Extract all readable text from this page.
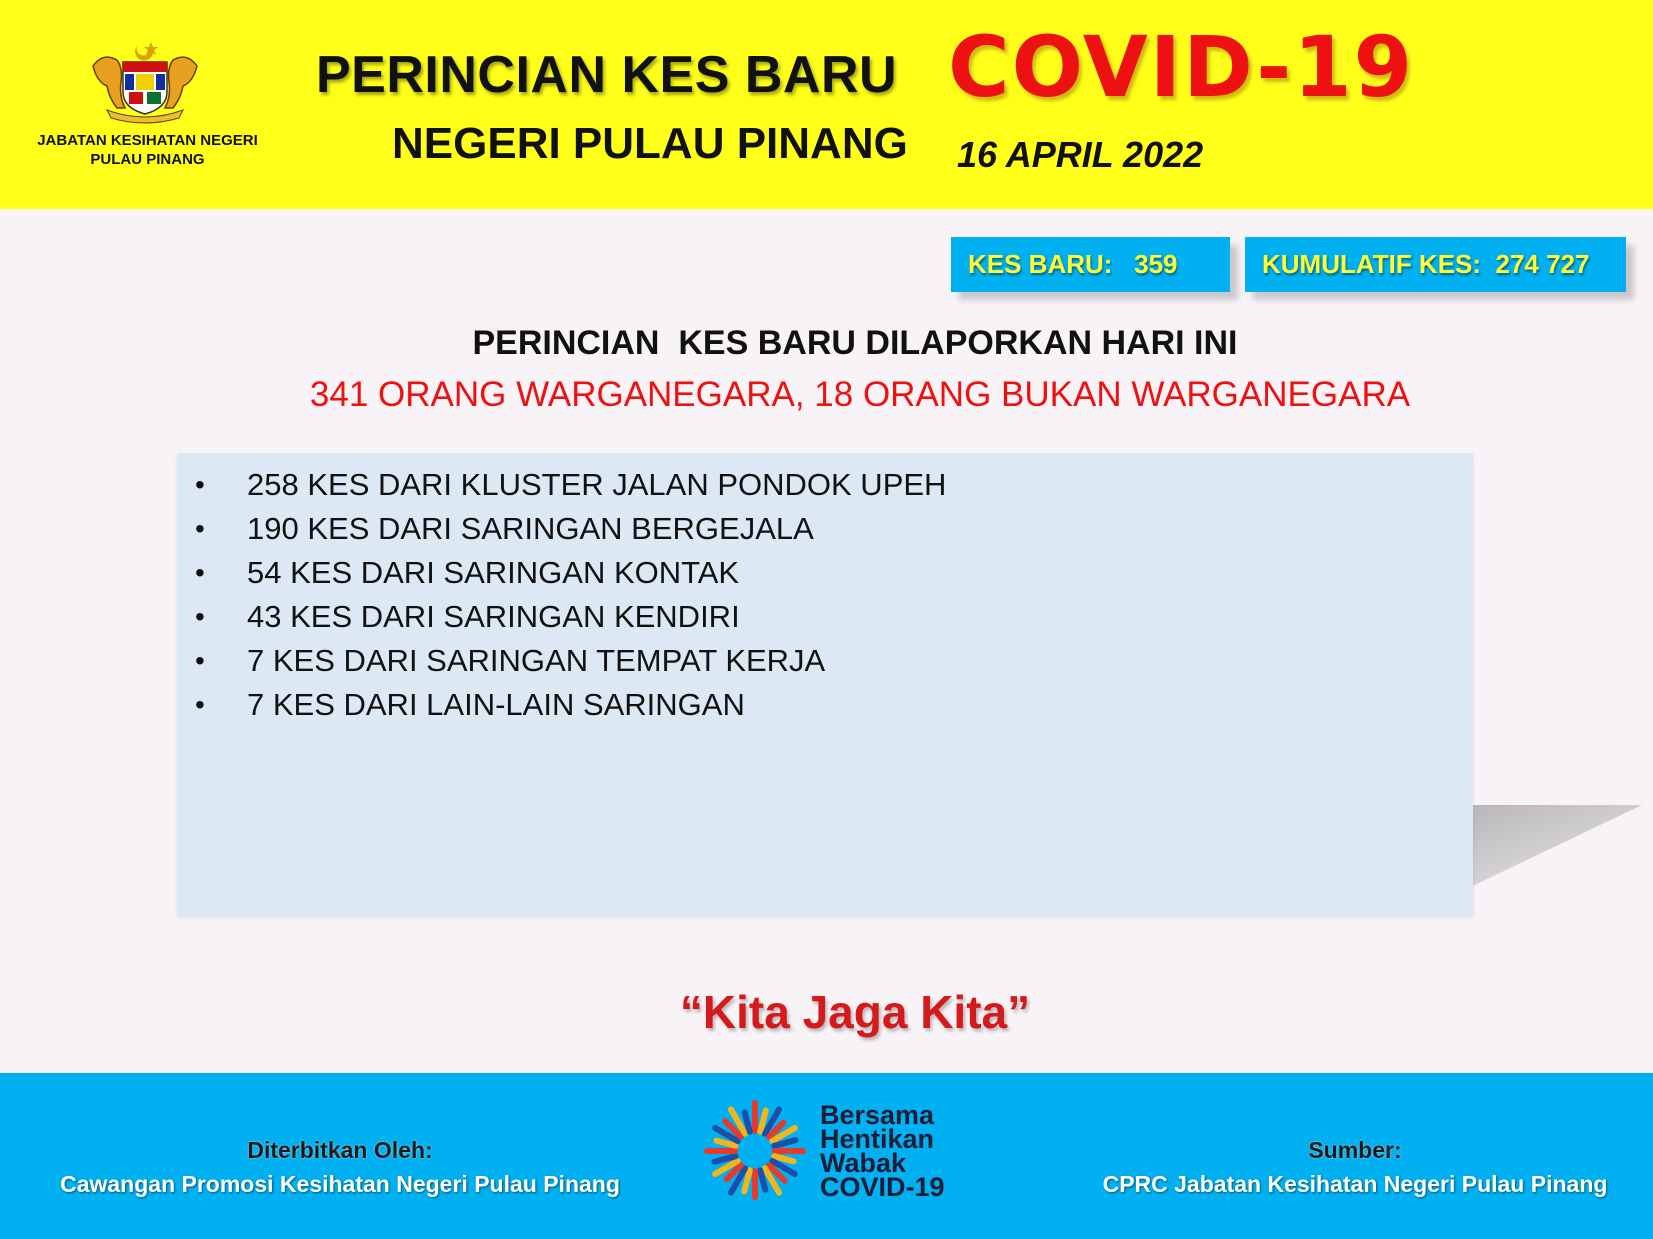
JABATAN KESIHATAN NEGERI
PULAU PINANG
PERINCIAN KES BARU COVID-19
NEGERI PULAU PINANG 16 APRIL 2022
KES BARU:   359	KUMULATIF KES:  274 727
PERINCIAN  KES BARU DILAPORKAN HARI INI
341 ORANG WARGANEGARA, 18 ORANG BUKAN WARGANEGARA
• 258 KES DARI KLUSTER JALAN PONDOK UPEH
• 190 KES DARI SARINGAN BERGEJALA
• 54 KES DARI SARINGAN KONTAK
• 43 KES DARI SARINGAN KENDIRI
• 7 KES DARI SARINGAN TEMPAT KERJA
• 7 KES DARI LAIN-LAIN SARINGAN
“Kita Jaga Kita”
Diterbitkan Oleh:
Cawangan Promosi Kesihatan Negeri Pulau Pinang
Bersama
Hentikan
Wabak
COVID-19
Sumber:
CPRC Jabatan Kesihatan Negeri Pulau Pinang
